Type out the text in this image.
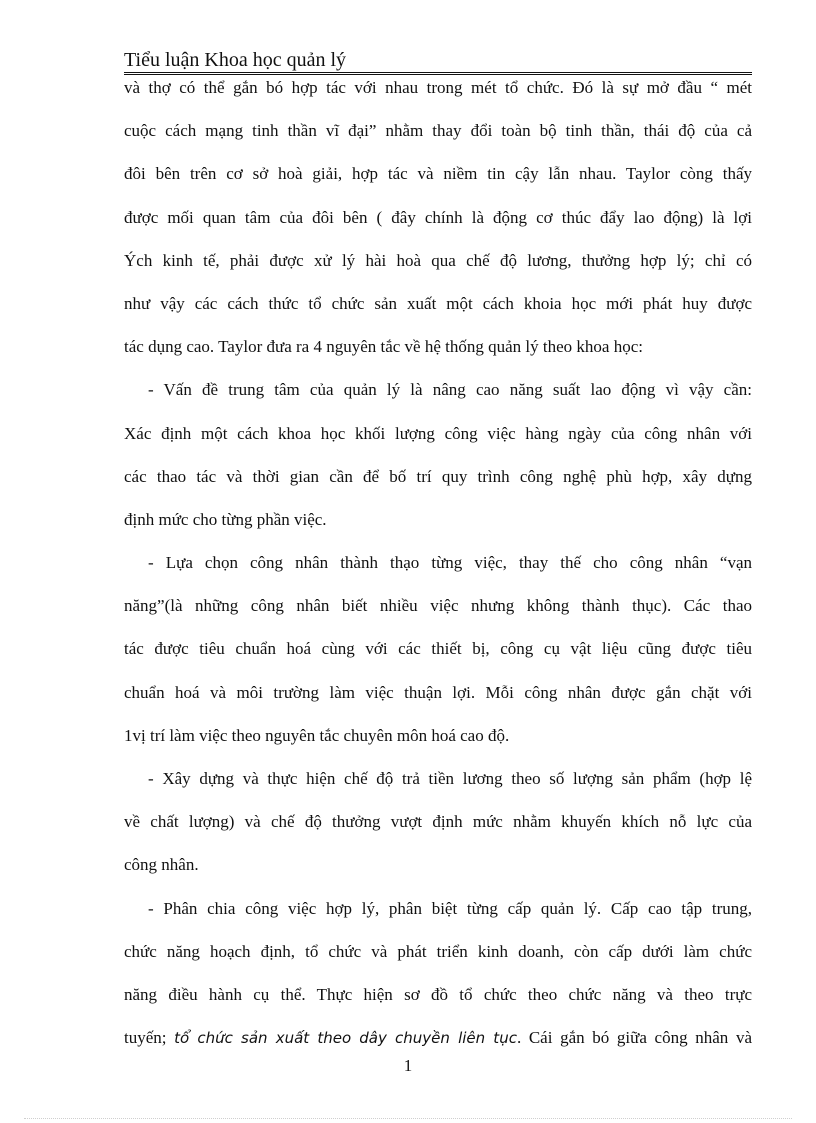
Tiểu luận Khoa học quản lý
và thợ có thể gắn bó hợp tác với nhau trong mét tổ chức. Đó là sự mở đầu “ mét
cuộc cách mạng tinh thần vĩ đại” nhằm thay đổi toàn bộ tinh thần, thái độ của cả
đôi bên trên cơ sở hoà giải, hợp tác và niềm tin cậy lẫn nhau. Taylor còng thấy
được mối quan tâm của đôi bên ( đây chính là động cơ thúc đẩy lao động) là lợi
Ých kinh tế, phải được xử lý hài hoà qua chế độ lương, thưởng hợp lý; chỉ có
như vậy các cách thức tổ chức sản xuất một cách khoia học mới phát huy được
tác dụng cao. Taylor đưa ra 4 nguyên tắc về hệ thống quản lý theo khoa học:
- Vấn đề trung tâm của quản lý là nâng cao năng suất lao động vì vậy cần:
Xác định một cách khoa học khối lượng công việc hàng ngày của công nhân với
các thao tác và thời gian cần để bố trí quy trình công nghệ phù hợp, xây dựng
định mức cho từng phần việc.
- Lựa chọn công nhân thành thạo từng việc, thay thế cho công nhân “vạn
năng”(là những công nhân biết nhiều việc nhưng không thành thục). Các thao
tác được tiêu chuẩn hoá cùng với các thiết bị, công cụ vật liệu cũng được tiêu
chuẩn hoá và môi trường làm việc thuận lợi. Mỗi công nhân được gắn chặt với
1vị trí làm việc theo nguyên tắc chuyên môn hoá cao độ.
- Xây dựng và thực hiện chế độ trả tiền lương theo số lượng sản phẩm (hợp lệ
về chất lượng) và chế độ thưởng vượt định mức nhằm khuyến khích nỗ lực của
công nhân.
- Phân chia công việc hợp lý, phân biệt từng cấp quản lý. Cấp cao tập trung,
chức năng hoạch định, tổ chức và phát triển kinh doanh, còn cấp dưới làm chức
năng điều hành cụ thể. Thực hiện sơ đồ tổ chức theo chức năng và theo trực
tuyến; tổ chức sản xuất theo dây chuyền liên tục. Cái gắn bó giữa công nhân và
1
